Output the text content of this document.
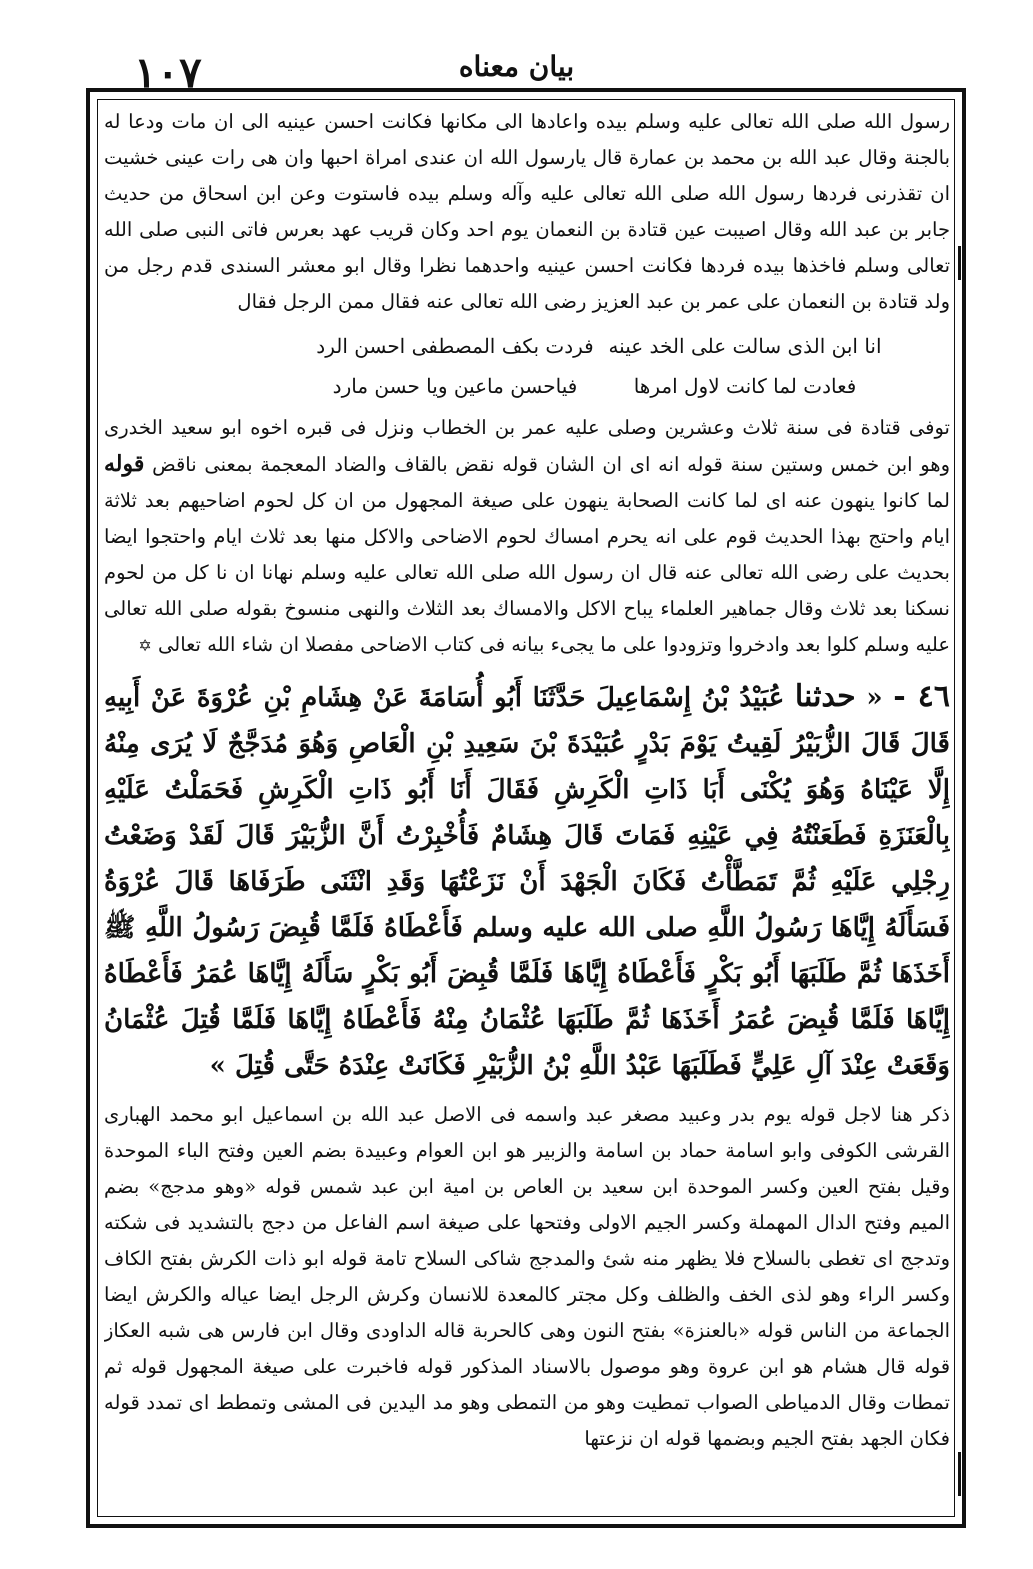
١٠٧	بيان معناه

رسول الله صلى الله تعالى عليه وسلم بيده واعادها الى مكانها فكانت احسن عينيه الى ان مات ودعا له بالجنة وقال عبد الله بن محمد بن عمارة قال يارسول الله ان عندى امراة احبها وان هى رات عينى خشيت ان تقذرنى فردها رسول الله صلى الله تعالى عليه وآله وسلم بيده فاستوت وعن ابن اسحاق من حديث جابر بن عبد الله وقال اصيبت عين قتادة بن النعمان يوم احد وكان قريب عهد بعرس فاتى النبى صلى الله تعالى وسلم فاخذها بيده فردها فكانت احسن عينيه واحدهما نظرا وقال ابو معشر السندى قدم رجل من ولد قتادة بن النعمان على عمر بن عبد العزيز رضى الله تعالى عنه فقال ممن الرجل فقال

انا ابن الذى سالت على الخد عينه
فردت بكف المصطفى احسن الرد
فعادت لما كانت لاول امرها
فياحسن ماعين ويا حسن مارد

توفى قتادة فى سنة ثلاث وعشرين وصلى عليه عمر بن الخطاب ونزل فى قبره اخوه ابو سعيد الخدرى وهو ابن خمس وستين سنة قوله انه اى ان الشان قوله نقض بالقاف والضاد المعجمة بمعنى ناقض قوله لما كانوا ينهون عنه اى لما كانت الصحابة ينهون على صيغة المجهول من ان كل لحوم اضاحيهم بعد ثلاثة ايام واحتج بهذا الحديث قوم على انه يحرم امساك لحوم الاضاحى والاكل منها بعد ثلاث ايام واحتجوا ايضا بحديث على رضى الله تعالى عنه قال ان رسول الله صلى الله تعالى عليه وسلم نهانا ان نا كل من لحوم نسكنا بعد ثلاث وقال جماهير العلماء يباح الاكل والامساك بعد الثلاث والنهى منسوخ بقوله صلى الله تعالى عليه وسلم كلوا بعد وادخروا وتزودوا على ما يجىء بيانه فى كتاب الاضاحى مفصلا ان شاء الله تعالى ✡

٤٦ - « حدثنا عُبَيْدُ بْنُ إِسْمَاعِيلَ حَدَّثَنَا أَبُو أُسَامَةَ عَنْ هِشَامِ بْنِ عُرْوَةَ عَنْ أَبِيهِ قَالَ قَالَ الزُّبَيْرُ لَقِيتُ يَوْمَ بَدْرٍ عُبَيْدَةَ بْنَ سَعِيدِ بْنِ الْعَاصِ وَهُوَ مُدَجَّجٌ لَا يُرَى مِنْهُ إِلَّا عَيْنَاهُ وَهُوَ يُكْنَى أَبَا ذَاتِ الْكَرِشِ فَقَالَ أَنَا أَبُو ذَاتِ الْكَرِشِ فَحَمَلْتُ عَلَيْهِ بِالْعَنَزَةِ فَطَعَنْتُهُ فِي عَيْنِهِ فَمَاتَ قَالَ هِشَامٌ فَأُخْبِرْتُ أَنَّ الزُّبَيْرَ قَالَ لَقَدْ وَضَعْتُ رِجْلِي عَلَيْهِ ثُمَّ تَمَطَّأْتُ فَكَانَ الْجَهْدَ أَنْ نَزَعْتُهَا وَقَدِ انْثَنَى طَرَفَاهَا قَالَ عُرْوَةُ فَسَأَلَهُ إِيَّاهَا رَسُولُ اللَّهِ صلى الله عليه وسلم فَأَعْطَاهُ فَلَمَّا قُبِضَ رَسُولُ اللَّهِ ﷺ أَخَذَهَا ثُمَّ طَلَبَهَا أَبُو بَكْرٍ فَأَعْطَاهُ إِيَّاهَا فَلَمَّا قُبِضَ أَبُو بَكْرٍ سَأَلَهُ إِيَّاهَا عُمَرُ فَأَعْطَاهُ إِيَّاهَا فَلَمَّا قُبِضَ عُمَرُ أَخَذَهَا ثُمَّ طَلَبَهَا عُثْمَانُ مِنْهُ فَأَعْطَاهُ إِيَّاهَا فَلَمَّا قُتِلَ عُثْمَانُ وَقَعَتْ عِنْدَ آلِ عَلِيٍّ فَطَلَبَهَا عَبْدُ اللَّهِ بْنُ الزُّبَيْرِ فَكَانَتْ عِنْدَهُ حَتَّى قُتِلَ »

ذكر هنا لاجل قوله يوم بدر وعبيد مصغر عبد واسمه فى الاصل عبد الله بن اسماعيل ابو محمد الهبارى القرشى الكوفى وابو اسامة حماد بن اسامة والزبير هو ابن العوام وعبيدة بضم العين وفتح الباء الموحدة وقيل بفتح العين وكسر الموحدة ابن سعيد بن العاص بن امية ابن عبد شمس قوله «وهو مدجج» بضم الميم وفتح الدال المهملة وكسر الجيم الاولى وفتحها على صيغة اسم الفاعل من دجج بالتشديد فى شكته وتدجج اى تغطى بالسلاح فلا يظهر منه شئ والمدجج شاكى السلاح تامة قوله ابو ذات الكرش بفتح الكاف وكسر الراء وهو لذى الخف والظلف وكل مجتر كالمعدة للانسان وكرش الرجل ايضا عياله والكرش ايضا الجماعة من الناس قوله «بالعنزة» بفتح النون وهى كالحربة قاله الداودى وقال ابن فارس هى شبه العكاز قوله قال هشام هو ابن عروة وهو موصول بالاسناد المذكور قوله فاخبرت على صيغة المجهول قوله ثم تمطات وقال الدمياطى الصواب تمطيت وهو من التمطى وهو مد اليدين فى المشى وتمطط اى تمدد قوله فكان الجهد بفتح الجيم وبضمها قوله ان نزعتها
